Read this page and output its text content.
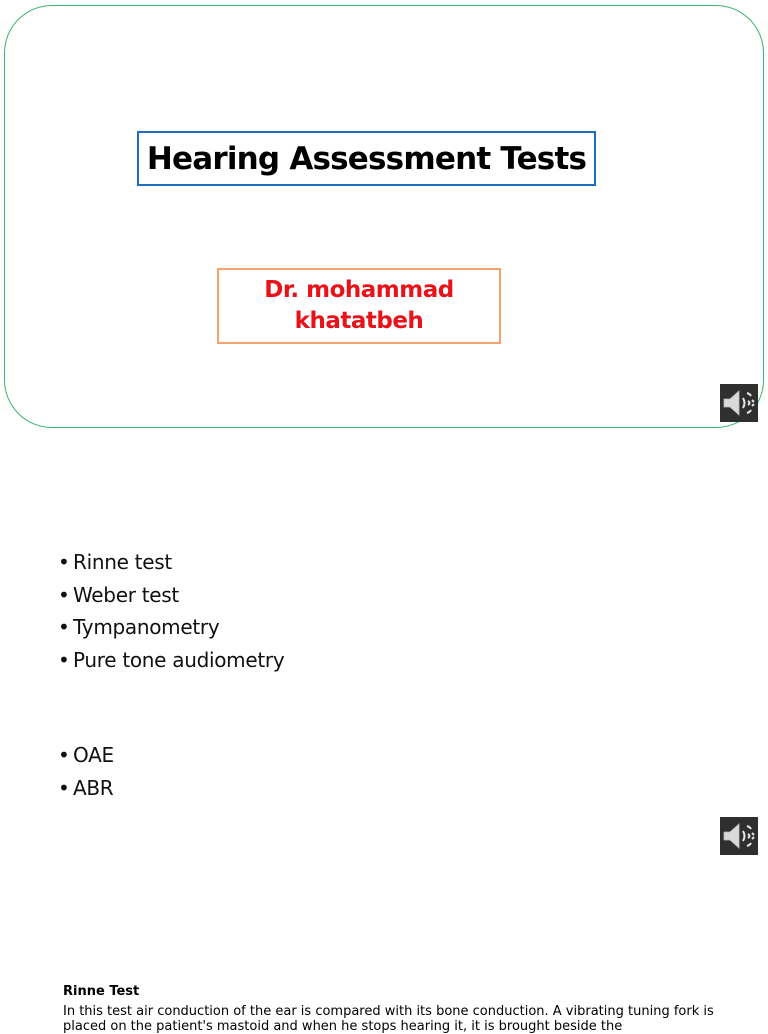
Hearing Assessment Tests
Dr. mohammad
khatatbeh
• Rinne test
• Weber test
• Tympanometry
• Pure tone audiometry
• OAE
• ABR
Rinne Test
In this test air conduction of the ear is compared with its bone conduction. A vibrating tuning fork is placed on the patient's mastoid and when he stops hearing it, it is brought beside the
